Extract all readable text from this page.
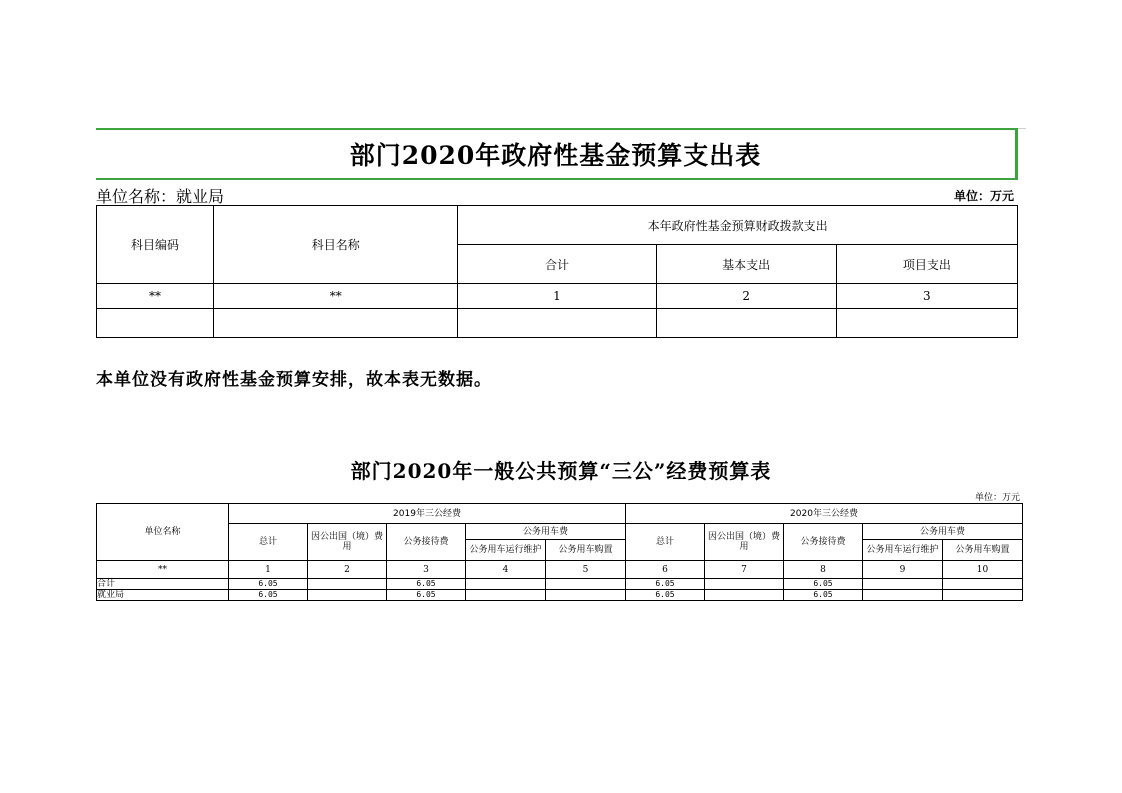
部门2020年政府性基金预算支出表
单位名称：就业局	单位：万元
科目编码	科目名称	本年政府性基金预算财政拨款支出		
		合计	基本支出	项目支出
**	**	1	2	3

本单位没有政府性基金预算安排，故本表无数据。
部门2020年一般公共预算“三公”经费预算表
单位：万元
单位名称	2019年三公经费					2020年三公经费				
	总计	因公出国（境）费用	公务接待费	公务用车费		总计	因公出国（境）费用	公务接待费	公务用车费	
				公务用车运行维护	公务用车购置				公务用车运行维护	公务用车购置
**	1	2	3	4	5	6	7	8	9	10
合计	6.05		6.05			6.05		6.05		
就业局	6.05		6.05			6.05		6.05		
